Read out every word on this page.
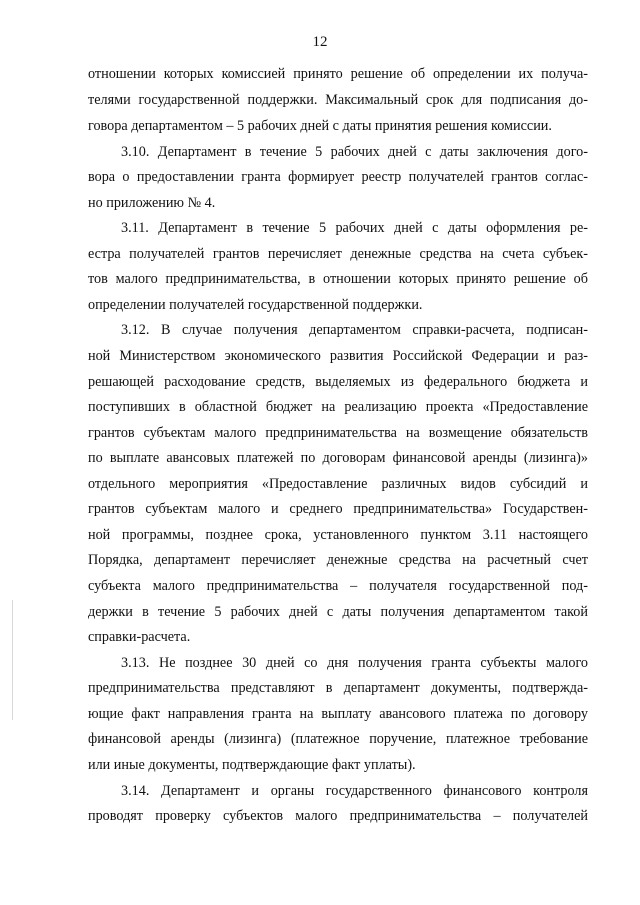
12
отношении которых комиссией принято решение об определении их получа-
телями государственной поддержки. Максимальный срок для подписания до-
говора департаментом – 5 рабочих дней с даты принятия решения комиссии.
3.10. Департамент в течение 5 рабочих дней с даты заключения дого-
вора о предоставлении гранта формирует реестр получателей грантов соглас-
но приложению № 4.
3.11. Департамент в течение 5 рабочих дней с даты оформления ре-
естра получателей грантов перечисляет денежные средства на счета субъек-
тов малого предпринимательства, в отношении которых принято решение об
определении получателей государственной поддержки.
3.12. В случае получения департаментом справки-расчета, подписан-
ной Министерством экономического развития Российской Федерации и раз-
решающей расходование средств, выделяемых из федерального бюджета и
поступивших в областной бюджет на реализацию проекта «Предоставление
грантов субъектам малого предпринимательства на возмещение обязательств
по выплате авансовых платежей по договорам финансовой аренды (лизинга)»
отдельного мероприятия «Предоставление различных видов субсидий и
грантов субъектам малого и среднего предпринимательства» Государствен-
ной программы, позднее срока, установленного пунктом 3.11 настоящего
Порядка, департамент перечисляет денежные средства на расчетный счет
субъекта малого предпринимательства – получателя государственной под-
держки в течение 5 рабочих дней с даты получения департаментом такой
справки-расчета.
3.13. Не позднее 30 дней со дня получения гранта субъекты малого
предпринимательства представляют в департамент документы, подтвержда-
ющие факт направления гранта на выплату авансового платежа по договору
финансовой аренды (лизинга) (платежное поручение, платежное требование
или иные документы, подтверждающие факт уплаты).
3.14. Департамент и органы государственного финансового контроля
проводят проверку субъектов малого предпринимательства – получателей
